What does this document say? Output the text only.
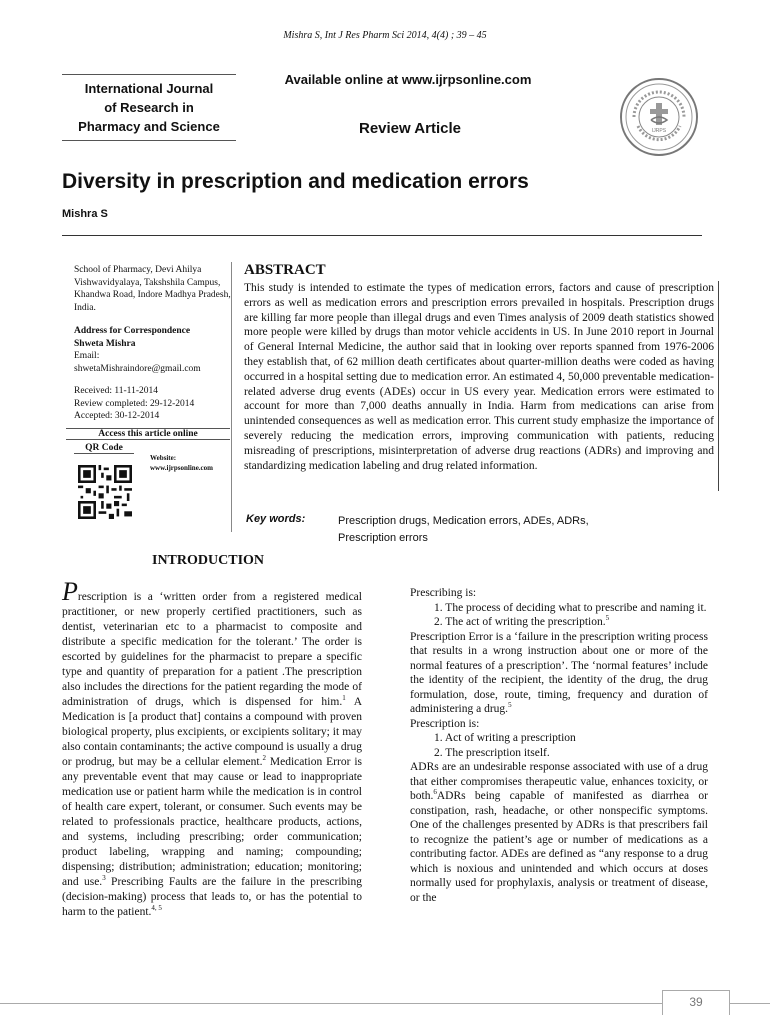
Mishra S, Int J Res Pharm Sci 2014, 4(4) ; 39 – 45
International Journal
of Research in
Pharmacy and Science
Available online at www.ijrpsonline.com
Review Article	IJRPS
Diversity in prescription and medication errors
Mishra S
School of Pharmacy, Devi Ahilya Vishwavidyalaya, Takshshila Campus, Khandwa Road, Indore Madhya Pradesh, India.
Address for Correspondence
Shweta Mishra
Email:
shwetaMishraindore@gmail.com
Received: 11-11-2014
Review completed: 29-12-2014
Accepted: 30-12-2014
Access this article online
QR Code
Website:
www.ijrpsonline.com
ABSTRACT
This study is intended to estimate the types of medication errors, factors and cause of prescription errors as well as medication errors and prescription errors prevailed in hospitals. Prescription drugs are killing far more people than illegal drugs and even Times analysis of 2009 death statistics showed more people were killed by drugs than motor vehicle accidents in US. In June 2010 report in Journal of General Internal Medicine, the author said that in looking over reports spanned from 1976-2006 they establish that, of 62 million death certificates about quarter-million deaths were coded as having occurred in a hospital setting due to medication error. An estimated 4, 50,000 preventable medication- related adverse drug events (ADEs) occur in US every year. Medication errors were estimated to account for more than 7,000 deaths annually in India. Harm from medications can arise from unintended consequences as well as medication error. This current study emphasize the importance of severely reducing the medication errors, improving communication with patients, reducing misreading of prescriptions, misinterpretation of adverse drug reactions (ADRs) and improving and standardizing medication labeling and drug related information.
Key words:	Prescription drugs, Medication errors, ADEs, ADRs,
Prescription errors
INTRODUCTION

Prescription is a ‘written order from a registered medical practitioner, or new properly certified practitioners, such as dentist, veterinarian etc to a pharmacist to composite and distribute a specific medication for the tolerant.’ The order is escorted by guidelines for the pharmacist to prepare a specific type and quantity of preparation for a patient .The prescription also includes the directions for the patient regarding the mode of administration of drugs, which is dispensed for him.$^1$ A Medication is [a product that] contains a compound with proven biological property, plus excipients, or excipients solitary; it may also contain contaminants; the active compound is usually a drug or prodrug, but may be a cellular element.$^2$ Medication Error is any preventable event that may cause or lead to inappropriate medication use or patient harm while the medication is in control of health care expert, tolerant, or consumer. Such events may be related to professionals practice, healthcare products, actions, and systems, including prescribing; order communication; product labeling, wrapping and naming; compounding; dispensing; distribution; administration; education; monitoring; and use.$^3$ Prescribing Faults are the failure in the prescribing (decision-making) process that leads to, or has the potential to harm to the patient.$^{4, 5}$

Prescribing is:
1. The process of deciding what to prescribe and naming it.
2. The act of writing the prescription.$^5$

Prescription Error is a ‘failure in the prescription writing process that results in a wrong instruction about one or more of the normal features of a prescription’. The ‘normal features’ include the identity of the recipient, the identity of the drug, the drug formulation, dose, route, timing, frequency and duration of administering a drug.$^5$

Prescription is:
1. Act of writing a prescription
2. The prescription itself.

ADRs are an undesirable response associated with use of a drug that either compromises therapeutic value, enhances toxicity, or both.$^6$ADRs being capable of manifested as diarrhea or constipation, rash, headache, or other nonspecific symptoms. One of the challenges presented by ADRs is that prescribers fail to recognize the patient’s age or number of medications as a contributing factor. ADEs are defined as “any response to a drug which is noxious and unintended and which occurs at doses normally used for prophylaxis, analysis or treatment of disease, or the

39
